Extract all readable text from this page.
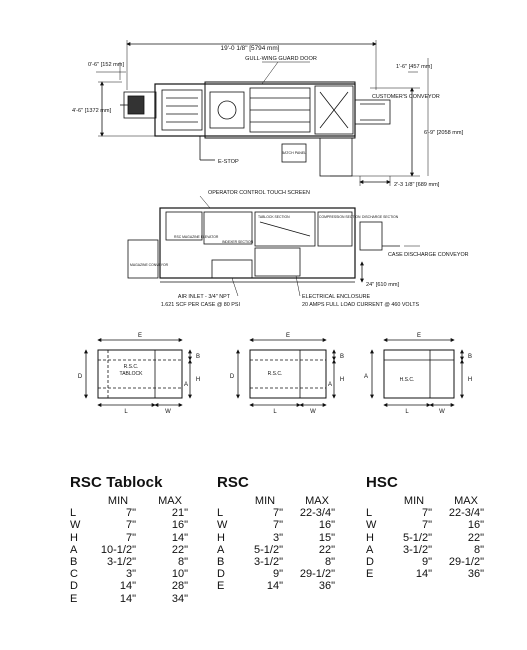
19'-0 1/8" [5794 mm]
GULL-WING GUARD DOOR
0'-6" [152 mm]
4'-6" [1372 mm]
1'-6" [457 mm]
CUSTOMER'S CONVEYOR
6'-9" [2058 mm]
2'-3 1/8" [689 mm]
E-STOP
BATCH PANEL
OPERATOR CONTROL TOUCH SCREEN
RSC MAGAZINE ELEVATOR
TABLOCK SECTION	COMPRESSION SECTION DISCHARGE SECTION
MAGAZINE CONVEYOR
INDEXER SECTION
CASE DISCHARGE CONVEYOR
24" [610 mm]
AIR INLET - 3/4" NPT
1.621 SCF PER CASE @ 80 PSI
ELECTRICAL ENCLOSURE
20 AMPS FULL LOAD CURRENT @ 460 VOLTS
R.S.C.
TABLOCK
E
L	W
D
B
H
A
R.S.C.
E
L	W
D
B
H
A
H.S.C.
E
L	W
A
B
H
RSC Tablock
MIN	MAX
L	7"	21"
W	7"	16"
H	7"	14"
A	10-1/2"	22"
B	3-1/2"	8"
C	3"	10"
D	14"	28"
E	14"	34"
RSC
MIN	MAX
L	7"	22-3/4"
W	7"	16"
H	3"	15"
A	5-1/2"	22"
B	3-1/2"	8"
D	9"	29-1/2"
E	14"	36"
HSC
MIN	MAX
L	7"	22-3/4"
W	7"	16"
H	5-1/2"	22"
A	3-1/2"	8"
D	9"	29-1/2"
E	14"	36"
